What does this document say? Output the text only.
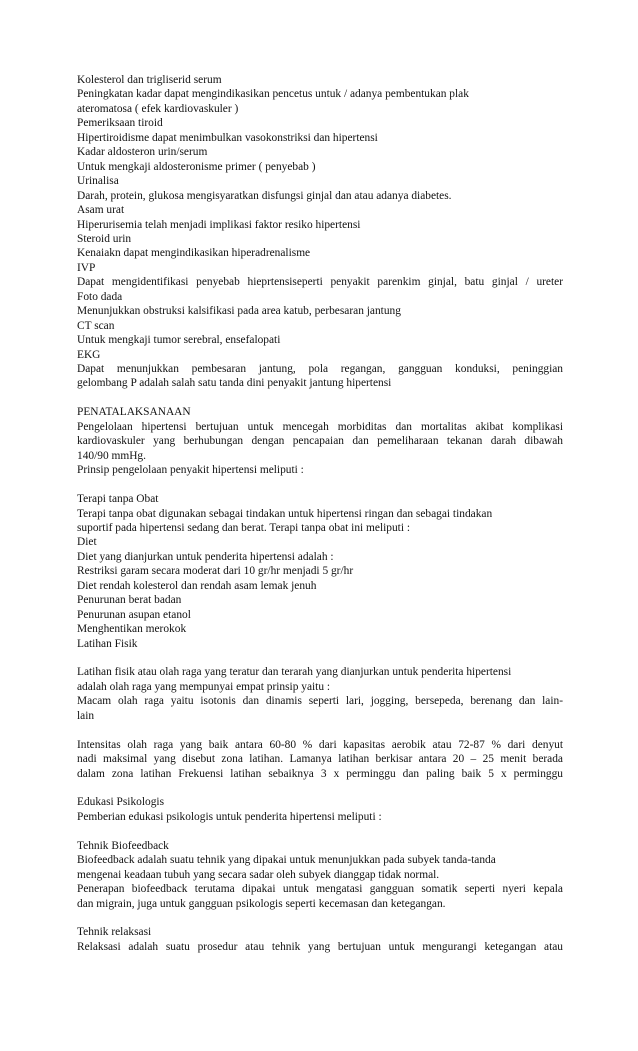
Kolesterol dan trigliserid serum
Peningkatan kadar dapat mengindikasikan pencetus untuk / adanya pembentukan plak
ateromatosa ( efek kardiovaskuler )
Pemeriksaan tiroid
Hipertiroidisme dapat menimbulkan vasokonstriksi dan hipertensi
Kadar aldosteron urin/serum
Untuk mengkaji aldosteronisme primer ( penyebab )
Urinalisa
Darah, protein, glukosa mengisyaratkan disfungsi ginjal dan atau adanya diabetes.
Asam urat
Hiperurisemia telah menjadi implikasi faktor resiko hipertensi
Steroid urin
Kenaiakn dapat mengindikasikan hiperadrenalisme
IVP
Dapat mengidentifikasi penyebab hieprtensiseperti penyakit parenkim ginjal, batu ginjal / ureter
Foto dada
Menunjukkan obstruksi kalsifikasi pada area katub, perbesaran jantung
CT scan
Untuk mengkaji tumor serebral, ensefalopati
EKG
Dapat menunjukkan pembesaran jantung, pola regangan, gangguan konduksi, peninggian
gelombang P adalah salah satu tanda dini penyakit jantung hipertensi
PENATALAKSANAAN
Pengelolaan hipertensi bertujuan untuk mencegah morbiditas dan mortalitas akibat komplikasi
kardiovaskuler yang berhubungan dengan pencapaian dan pemeliharaan tekanan darah dibawah
140/90 mmHg.
Prinsip pengelolaan penyakit hipertensi meliputi :
Terapi tanpa Obat
Terapi tanpa obat digunakan sebagai tindakan untuk hipertensi ringan dan sebagai tindakan
suportif pada hipertensi sedang dan berat. Terapi tanpa obat ini meliputi :
Diet
Diet yang dianjurkan untuk penderita hipertensi adalah :
Restriksi garam secara moderat dari 10 gr/hr menjadi 5 gr/hr
Diet rendah kolesterol dan rendah asam lemak jenuh
Penurunan berat badan
Penurunan asupan etanol
Menghentikan merokok
Latihan Fisik
Latihan fisik atau olah raga yang teratur dan terarah yang dianjurkan untuk penderita hipertensi
adalah olah raga yang mempunyai empat prinsip yaitu :
Macam olah raga yaitu isotonis dan dinamis seperti lari, jogging, bersepeda, berenang dan lain-
lain
Intensitas olah raga yang baik antara 60-80 % dari kapasitas aerobik atau 72-87 % dari denyut
nadi maksimal yang disebut zona latihan. Lamanya latihan berkisar antara 20 – 25 menit berada
dalam zona latihan Frekuensi latihan sebaiknya 3 x perminggu dan paling baik 5 x perminggu
Edukasi Psikologis
Pemberian edukasi psikologis untuk penderita hipertensi meliputi :
Tehnik Biofeedback
Biofeedback adalah suatu tehnik yang dipakai untuk menunjukkan pada subyek tanda-tanda
mengenai keadaan tubuh yang secara sadar oleh subyek dianggap tidak normal.
Penerapan biofeedback terutama dipakai untuk mengatasi gangguan somatik seperti nyeri kepala
dan migrain, juga untuk gangguan psikologis seperti kecemasan dan ketegangan.
Tehnik relaksasi
Relaksasi adalah suatu prosedur atau tehnik yang bertujuan untuk mengurangi ketegangan atau
